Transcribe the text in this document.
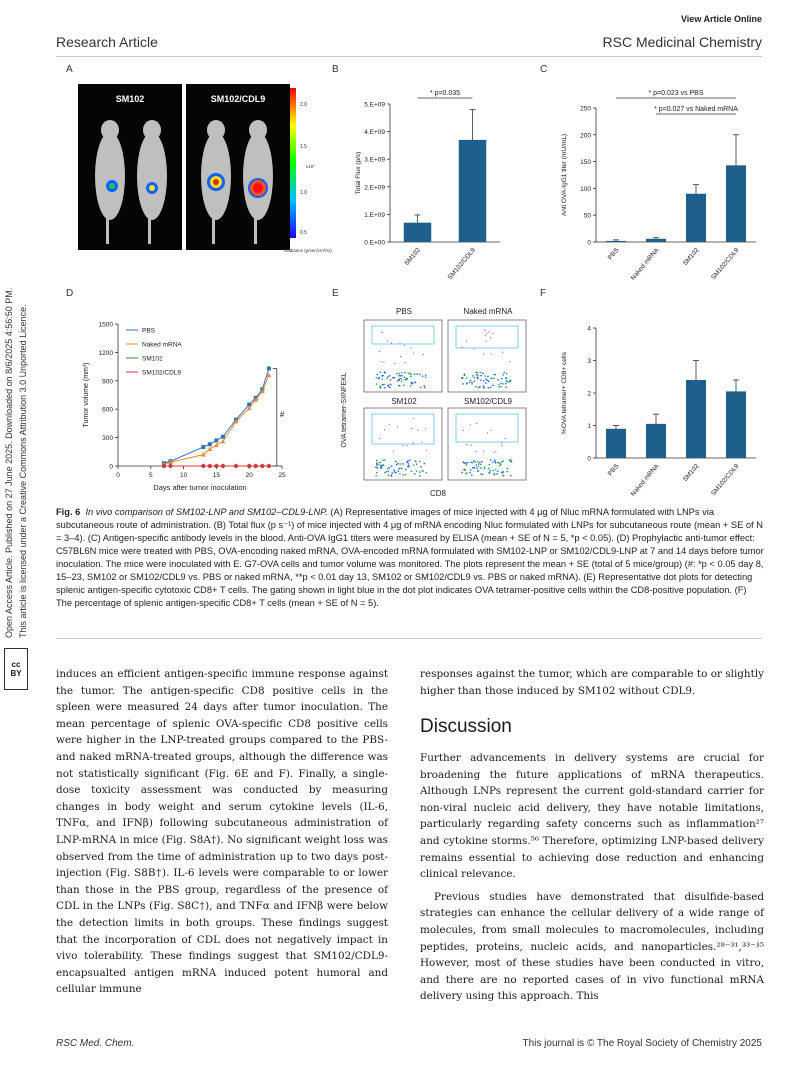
View Article Online
Research Article	RSC Medicinal Chemistry
Open Access Article. Published on 27 June 2025. Downloaded on 8/6/2025 4:56:50 PM. This article is licensed under a Creative Commons Attribution 3.0 Unported Licence.
cc
BY
A	B	C
D	E	F
SM102	SM102/CDL9
2.0
1.5
1.0
0.5
x10⁷
Radiance (p/sec/cm²/sr)
0.E+00
1.E+09
2.E+09
3.E+09
4.E+09
5.E+09
SM102	SM102/CDL9
Total Flux (p/s)
* p=0.035
0
50
100
150
200
250
PBS Naked mRNA	SM102 SM102/CDL9
Anti OVA-IgG1 titer (mU/mL)
* p=0.023 vs PBS
* p=0.027 vs Naked mRNA
0
300
600
900
1200
1500
0	5	10	15	20	25
Days after tumor inoculation
Tumor volume (mm³)
PBS
Naked mRNA
SM102
SM102/CDL9
#
0
1
2
3
4
PBS Naked mRNA	SM102 SM102/CDL9
%OVA tetramer+ CD8+ cells
OVA tetramer-SIINFEKL
CD8
PBS	Naked mRNA
SM102	SM102/CDL9
Fig. 6 In vivo comparison of SM102-LNP and SM102–CDL9-LNP. (A) Representative images of mice injected with 4 μg of Nluc mRNA formulated with LNPs via subcutaneous route of administration. (B) Total flux (p s⁻¹) of mice injected with 4 μg of mRNA encoding Nluc formulated with LNPs for subcutaneous route (mean + SE of N = 3–4). (C) Antigen-specific antibody levels in the blood. Anti-OVA IgG1 titers were measured by ELISA (mean + SE of N = 5, *p < 0.05). (D) Prophylactic anti-tumor effect: C57BL6N mice were treated with PBS, OVA-encoding naked mRNA, OVA-encoded mRNA formulated with SM102-LNP or SM102/CDL9-LNP at 7 and 14 days before tumor inoculation. The mice were inoculated with E. G7-OVA cells and tumor volume was monitored. The plots represent the mean + SE (total of 5 mice/group) (#: *p < 0.05 day 8, 15–23, SM102 or SM102/CDL9 vs. PBS or naked mRNA, **p < 0.01 day 13, SM102 or SM102/CDL9 vs. PBS or naked mRNA). (E) Representative dot plots for detecting splenic antigen-specific cytotoxic CD8+ T cells. The gating shown in light blue in the dot plot indicates OVA tetramer-positive cells within the CD8-positive population. (F) The percentage of splenic antigen-specific CD8+ T cells (mean + SE of N = 5).

induces an efficient antigen-specific immune response against the tumor. The antigen-specific CD8 positive cells in the spleen were measured 24 days after tumor inoculation. The mean percentage of splenic OVA-specific CD8 positive cells were higher in the LNP-treated groups compared to the PBS- and naked mRNA-treated groups, although the difference was not statistically significant (Fig. 6E and F). Finally, a single-dose toxicity assessment was conducted by measuring changes in body weight and serum cytokine levels (IL-6, TNFα, and IFNβ) following subcutaneous administration of LNP-mRNA in mice (Fig. S8A†). No significant weight loss was observed from the time of administration up to two days post-injection (Fig. S8B†). IL-6 levels were comparable to or lower than those in the PBS group, regardless of the presence of CDL in the LNPs (Fig. S8C†), and TNFα and IFNβ were below the detection limits in both groups. These findings suggest that the incorporation of CDL does not negatively impact in vivo tolerability. These findings suggest that SM102/CDL9-encapsualted antigen mRNA induced potent humoral and cellular immune

responses against the tumor, which are comparable to or slightly higher than those induced by SM102 without CDL9.

Discussion

Further advancements in delivery systems are crucial for broadening the future applications of mRNA therapeutics. Although LNPs represent the current gold-standard carrier for non-viral nucleic acid delivery, they have notable limitations, particularly regarding safety concerns such as inflammation²⁷ and cytokine storms.⁵⁶ Therefore, optimizing LNP-based delivery remains essential to achieving dose reduction and enhancing clinical relevance.

Previous studies have demonstrated that disulfide-based strategies can enhance the cellular delivery of a wide range of molecules, from small molecules to macromolecules, including peptides, proteins, nucleic acids, and nanoparticles.²⁸⁻³¹,³³⁻³⁵ However, most of these studies have been conducted in vitro, and there are no reported cases of in vivo functional mRNA delivery using this approach. This

RSC Med. Chem.	This journal is © The Royal Society of Chemistry 2025
